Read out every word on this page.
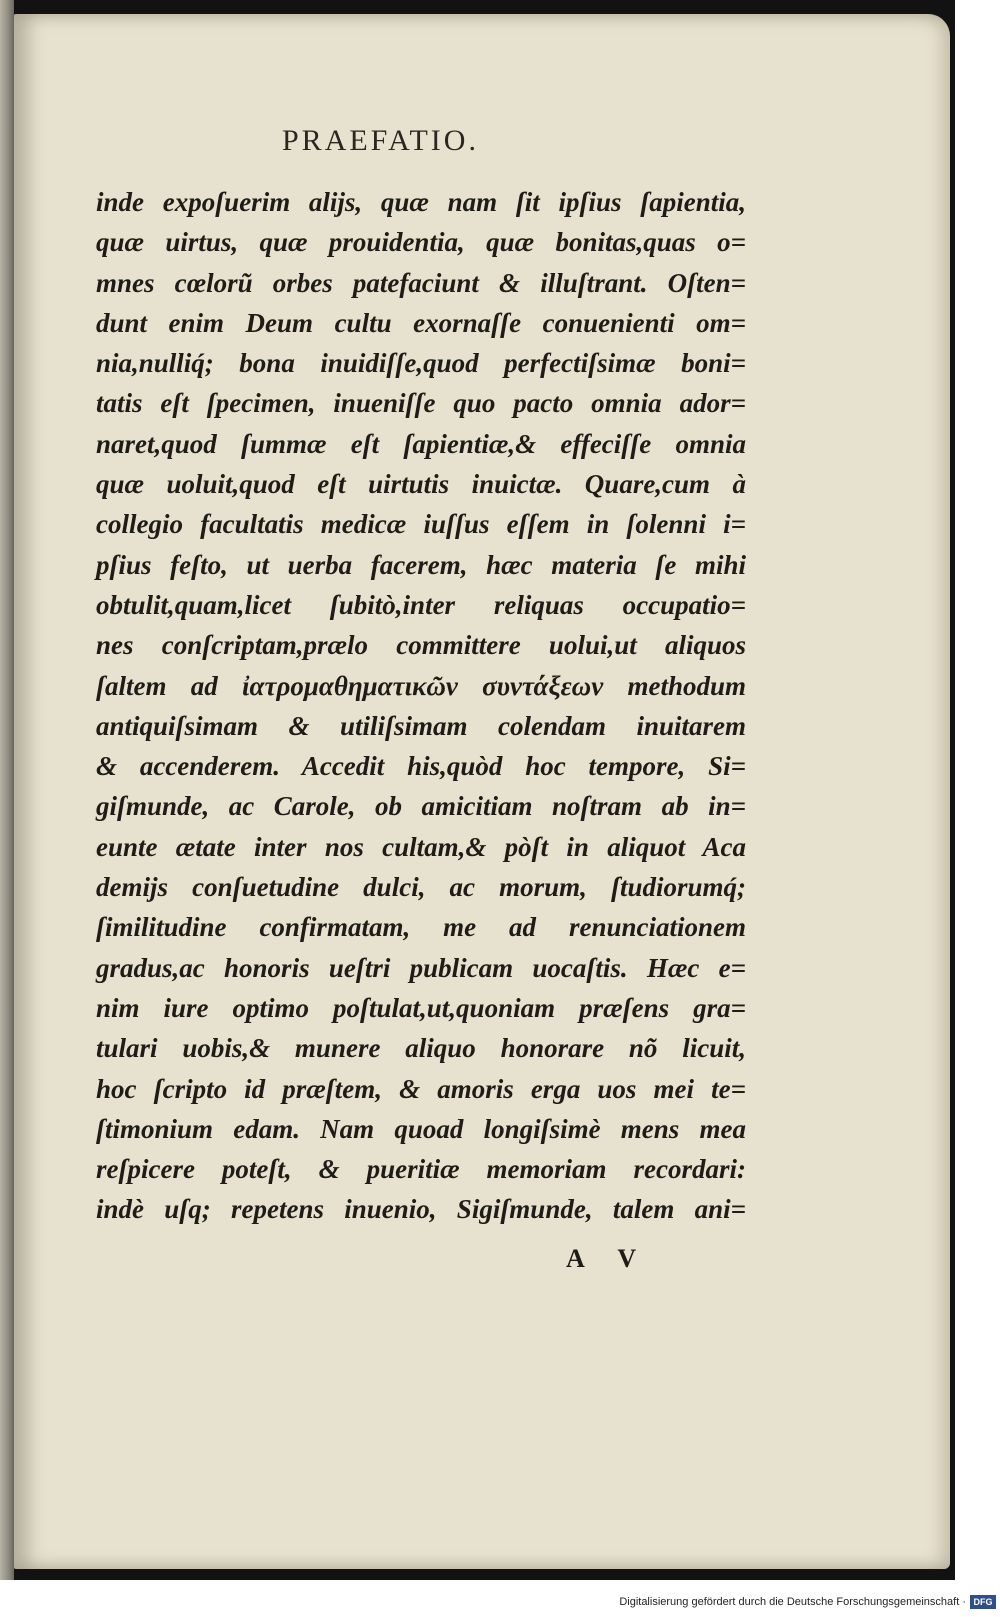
PRAEFATIO.
inde expoſuerim alijs, quæ nam ſit ipſius ſapientia,
quæ uirtus, quæ prouidentia, quæ bonitas,quas o=
mnes cœlorũ orbes patefaciunt & illuſtrant. Oſten=
dunt enim Deum cultu exornaſſe conuenienti om=
nia,nulliq́; bona inuidiſſe,quod perfectiſsimæ boni=
tatis eſt ſpecimen, inueniſſe quo pacto omnia ador=
naret,quod ſummæ eſt ſapientiæ,& effeciſſe omnia
quæ uoluit,quod eſt uirtutis inuictæ. Quare,cum à
collegio facultatis medicæ iuſſus eſſem in ſolenni i=
pſius feſto, ut uerba facerem, hæc materia ſe mihi
obtulit,quam,licet ſubitò,inter reliquas occupatio=
nes conſcriptam,prælo committere uolui,ut aliquos
ſaltem ad ἰατρομαθηματικῶν συντάξεων methodum
antiquiſsimam & utiliſsimam colendam inuitarem
& accenderem. Accedit his,quòd hoc tempore, Si=
giſmunde, ac Carole, ob amicitiam noſtram ab in=
eunte ætate inter nos cultam,& pòſt in aliquot Aca
demijs conſuetudine dulci, ac morum, ſtudiorumq́;
ſimilitudine confirmatam, me ad renunciationem
gradus,ac honoris ueſtri publicam uocaſtis. Hæc e=
nim iure optimo poſtulat,ut,quoniam præſens gra=
tulari uobis,& munere aliquo honorare nõ licuit,
hoc ſcripto id præſtem, & amoris erga uos mei te=
ſtimonium edam. Nam quoad longiſsimè mens mea
reſpicere poteſt, & pueritiæ memoriam recordari:
indè uſq; repetens inuenio, Sigiſmunde, talem ani=

A V

Digitalisierung gefördert durch die Deutsche Forschungsgemeinschaft · DFG
